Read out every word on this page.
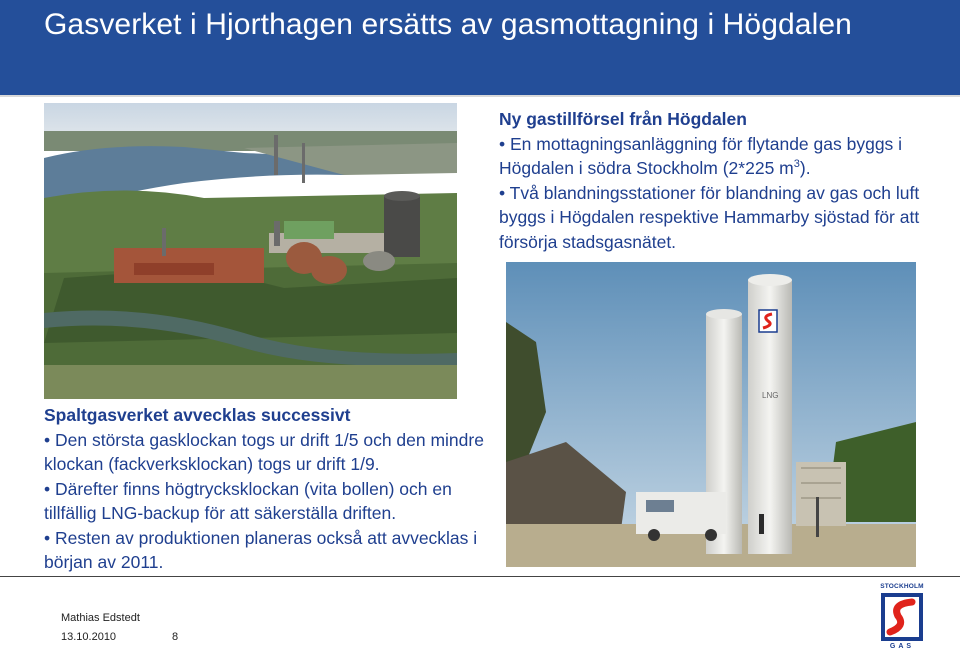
Gasverket i Hjorthagen ersätts av gasmottagning i Högdalen
Ny gastillförsel från Högdalen

• En mottagningsanläggning för flytande gas byggs i Högdalen i södra Stockholm (2*225 $m^3$).

• Två blandningsstationer för blandning av gas och luft byggs i Högdalen respektive Hammarby sjöstad för att försörja stadsgasnätet.

LNG
Spaltgasverket avvecklas successivt

• Den största gasklockan togs ur drift 1/5 och den mindre klockan (fackverksklockan) togs ur drift 1/9.

• Därefter finns högtrycksklockan (vita bollen) och en tillfällig LNG-backup för att säkerställa driften.

• Resten av produktionen planeras också att avvecklas i början av 2011.

Mathias Edstedt
13.10.2010	8
STOCKHOLM
GAS
